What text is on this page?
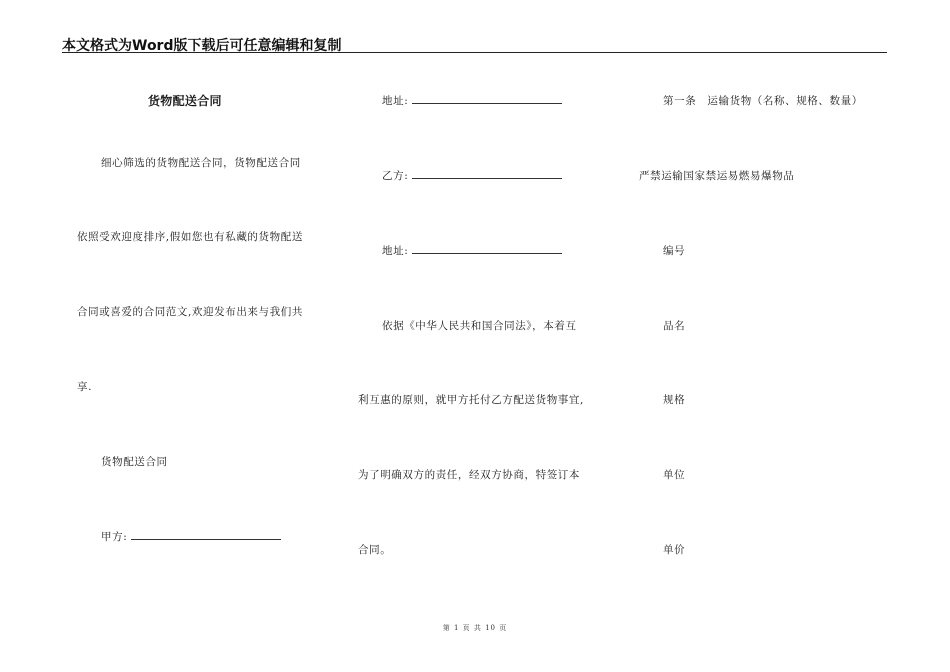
本文格式为Word版下载后可任意编辑和复制
货物配送合同
细心筛选的货物配送合同，货物配送合同
依照受欢迎度排序,假如您也有私藏的货物配送
合同或喜爱的合同范文,欢迎发布出来与我们共
享.
货物配送合同
甲方:
地址:
乙方:
地址:
依据《中华人民共和国合同法》，本着互
利互惠的原则，就甲方托付乙方配送货物事宜,
为了明确双方的责任，经双方协商，特签订本
合同。
第一条　运输货物（名称、规格、数量）
严禁运输国家禁运易燃易爆物品
编号
品名
规格
单位
单价
第 1 页 共 10 页
